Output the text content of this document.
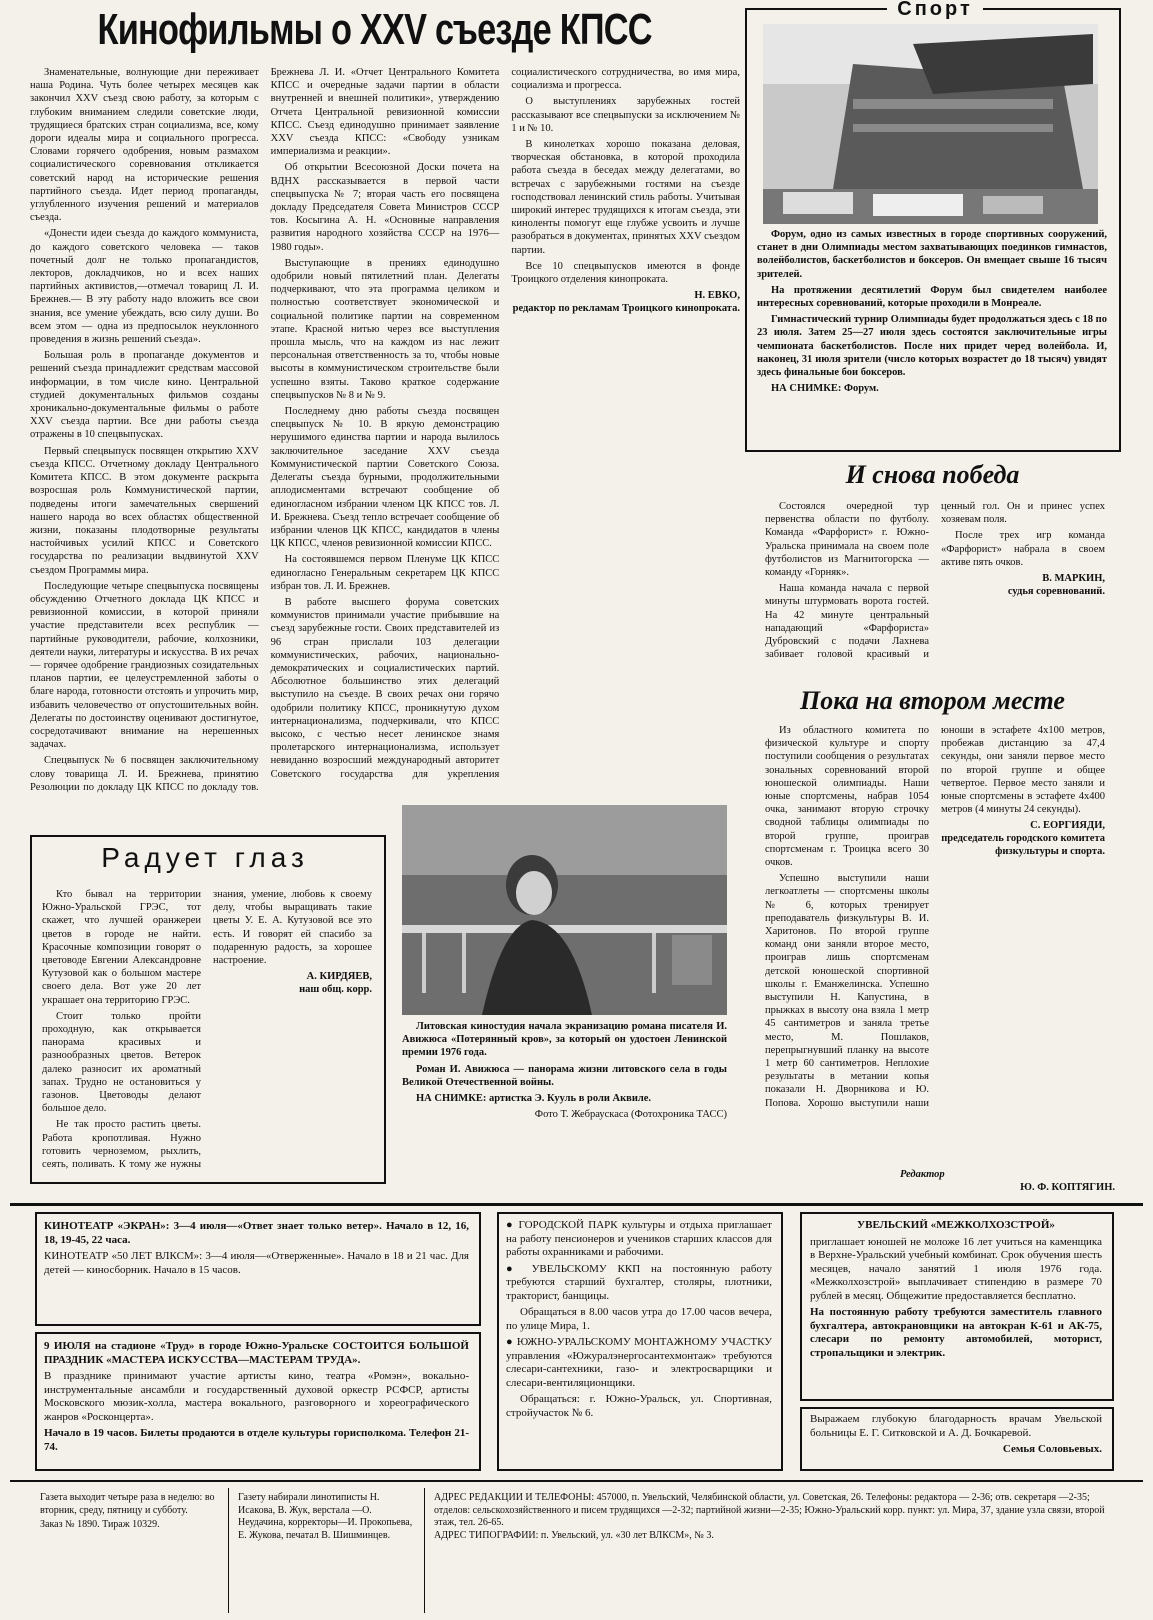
Кинофильмы о XXV съезде КПСС

Знаменательные, волнующие дни переживает наша Родина. Чуть более четырех месяцев как закончил XXV съезд свою работу, за которым с глубоким вниманием следили советские люди, трудящиеся братских стран социализма, все, кому дороги идеалы мира и социального прогресса. Словами горячего одобрения, новым размахом социалистического соревнования откликается советский народ на исторические решения партийного съезда. Идет период пропаганды, углубленного изучения решений и материалов съезда.

«Донести идеи съезда до каждого коммуниста, до каждого советского человека — таков почетный долг не только пропагандистов, лекторов, докладчиков, но и всех наших партийных активистов,—отмечал товарищ Л. И. Брежнев.— В эту работу надо вложить все свои знания, все умение убеждать, всю силу души. Во всем этом — одна из предпосылок неуклонного проведения в жизнь решений съезда».

Большая роль в пропаганде документов и решений съезда принадлежит средствам массовой информации, в том числе кино. Центральной студией документальных фильмов созданы хроникально-документальные фильмы о работе XXV съезда партии. Все дни работы съезда отражены в 10 спецвыпусках.

Первый спецвыпуск посвящен открытию XXV съезда КПСС. Отчетному докладу Центрального Комитета КПСС. В этом документе раскрыта возросшая роль Коммунистической партии, подведены итоги замечательных свершений нашего народа во всех областях общественной жизни, показаны плодотворные результаты настойчивых усилий КПСС и Советского государства по реализации выдвинутой XXV съездом Программы мира.

Последующие четыре спецвыпуска посвящены обсуждению Отчетного доклада ЦК КПСС и ревизионной комиссии, в которой приняли участие представители всех республик — партийные руководители, рабочие, колхозники, деятели науки, литературы и искусства. В их речах — горячее одобрение грандиозных созидательных планов партии, ее целеустремленной заботы о благе народа, готовности отстоять и упрочить мир, избавить человечество от опустошительных войн. Делегаты по достоинству оценивают достигнутое, сосредотачивают внимание на нерешенных задачах.

Спецвыпуск № 6 посвящен заключительному слову товарища Л. И. Брежнева, принятию Резолюции по докладу ЦК КПСС по докладу тов. Брежнева Л. И. «Отчет Центрального Комитета КПСС и очередные задачи партии в области внутренней и внешней политики», утверждению Отчета Центральной ревизионной комиссии КПСС. Съезд единодушно принимает заявление XXV съезда КПСС: «Свободу узникам империализма и реакции».

Об открытии Всесоюзной Доски почета на ВДНХ рассказывается в первой части спецвыпуска № 7; вторая часть его посвящена докладу Председателя Совета Министров СССР тов. Косыгина А. Н. «Основные направления развития народного хозяйства СССР на 1976—1980 годы».

Выступающие в прениях единодушно одобрили новый пятилетний план. Делегаты подчеркивают, что эта программа целиком и полностью соответствует экономической и социальной политике партии на современном этапе. Красной нитью через все выступления прошла мысль, что на каждом из нас лежит персональная ответственность за то, чтобы новые высоты в коммунистическом строительстве были успешно взяты. Таково краткое содержание спецвыпусков № 8 и № 9.

Последнему дню работы съезда посвящен спецвыпуск № 10. В яркую демонстрацию нерушимого единства партии и народа вылилось заключительное заседание XXV съезда Коммунистической партии Советского Союза. Делегаты съезда бурными, продолжительными аплодисментами встречают сообщение об единогласном избрании членом ЦК КПСС тов. Л. И. Брежнева. Съезд тепло встречает сообщение об избрании членов ЦК КПСС, кандидатов в члены ЦК КПСС, членов ревизионной комиссии КПСС.

На состоявшемся первом Пленуме ЦК КПСС единогласно Генеральным секретарем ЦК КПСС избран тов. Л. И. Брежнев.

В работе высшего форума советских коммунистов принимали участие прибывшие на съезд зарубежные гости. Своих представителей из 96 стран прислали 103 делегации коммунистических, рабочих, национально-демократических и социалистических партий. Абсолютное большинство этих делегаций выступило на съезде. В своих речах они горячо одобрили политику КПСС, проникнутую духом интернационализма, подчеркивали, что КПСС высоко, с честью несет ленинское знамя пролетарского интернационализма, использует невиданно возросший международный авторитет Советского государства для укрепления социалистического сотрудничества, во имя мира, социализма и прогресса.

О выступлениях зарубежных гостей рассказывают все спецвыпуски за исключением № 1 и № 10.

В кинолетках хорошо показана деловая, творческая обстановка, в которой проходила работа съезда в беседах между делегатами, во встречах с зарубежными гостями на съезде господствовал ленинский стиль работы. Учитывая широкий интерес трудящихся к итогам съезда, эти киноленты помогут еще глубже усвоить и лучше разобраться в документах, принятых XXV съездом партии.

Все 10 спецвыпусков имеются в фонде Троицкого отделения кинопроката.

Н. ЕВКО,
редактор по рекламам Троицкого кинопроката.
Спорт

Форум, одно из самых известных в городе спортивных сооружений, станет в дни Олимпиады местом захватывающих поединков гимнастов, волейболистов, баскетболистов и боксеров. Он вмещает свыше 16 тысяч зрителей.

На протяжении десятилетий Форум был свидетелем наиболее интересных соревнований, которые проходили в Монреале.

Гимнастический турнир Олимпиады будет продолжаться здесь с 18 по 23 июля. Затем 25—27 июля здесь состоятся заключительные игры чемпионата баскетболистов. После них придет черед волейбола. И, наконец, 31 июля зрители (число которых возрастет до 18 тысяч) увидят здесь финальные бои боксеров.

НА СНИМКЕ: Форум.

И снова победа

Состоялся очередной тур первенства области по футболу. Команда «Фарфорист» г. Южно-Уральска принимала на своем поле футболистов из Магнитогорска — команду «Горняк».

Наша команда начала с первой минуты штурмовать ворота гостей. На 42 минуте центральный нападающий «Фарфориста» Дубровский с подачи Лахнева забивает головой красивый и ценный гол. Он и принес успех хозяевам поля.

После трех игр команда «Фарфорист» набрала в своем активе пять очков.

В. МАРКИН,
судья соревнований.
Пока на втором месте

Из областного комитета по физической культуре и спорту поступили сообщения о результатах зональных соревнований второй юношеской олимпиады. Наши юные спортсмены, набрав 1054 очка, занимают вторую строчку сводной таблицы олимпиады по второй группе, проиграв спортсменам г. Троицка всего 30 очков.

Успешно выступили наши легкоатлеты — спортсмены школы № 6, которых тренирует преподаватель физкультуры В. И. Харитонов. По второй группе команд они заняли второе место, проиграв лишь спортсменам детской юношеской спортивной школы г. Еманжелинска. Успешно выступили Н. Капустина, в прыжках в высоту она взяла 1 метр 45 сантиметров и заняла третье место, М. Пошлаков, перепрыгнувший планку на высоте 1 метр 60 сантиметров. Неплохие результаты в метании копья показали Н. Дворникова и Ю. Попова. Хорошо выступили наши юноши в эстафете 4х100 метров, пробежав дистанцию за 47,4 секунды, они заняли первое место по второй группе и общее четвертое. Первое место заняли и юные спортсмены в эстафете 4х400 метров (4 минуты 24 секунды).

С. ЕОРГИЯДИ,
председатель городского комитета физкультуры и спорта.
Редактор
Ю. Ф. КОПТЯГИН.
Радует глаз

Кто бывал на территории Южно-Уральской ГРЭС, тот скажет, что лучшей оранжереи цветов в городе не найти. Красочные композиции говорят о цветоводе Евгении Александровне Кутузовой как о большом мастере своего дела. Вот уже 20 лет украшает она территорию ГРЭС.

Стоит только пройти проходную, как открывается панорама красивых и разнообразных цветов. Ветерок далеко разносит их ароматный запах. Трудно не остановиться у газонов. Цветоводы делают большое дело.

Не так просто растить цветы. Работа кропотливая. Нужно готовить черноземом, рыхлить, сеять, поливать. К тому же нужны знания, умение, любовь к своему делу, чтобы выращивать такие цветы У. Е. А. Кутузовой все это есть. И говорят ей спасибо за подаренную радость, за хорошее настроение.

А. КИРДЯЕВ,
наш общ. корр.

Литовская киностудия начала экранизацию романа писателя И. Авижюса «Потерянный кров», за который он удостоен Ленинской премии 1976 года.

Роман И. Авижюса — панорама жизни литовского села в годы Великой Отечественной войны.

НА СНИМКЕ: артистка Э. Кууль в роли Аквиле.

Фото Т. Жебраускаса (Фотохроника ТАСС)

КИНОТЕАТР «ЭКРАН»: 3—4 июля—«Ответ знает только ветер». Начало в 12, 16, 18, 19-45, 22 часа.

КИНОТЕАТР «50 ЛЕТ ВЛКСМ»: 3—4 июля—«Отверженные». Начало в 18 и 21 час. Для детей — киносборник. Начало в 15 часов.

9 ИЮЛЯ на стадионе «Труд» в городе Южно-Уральске СОСТОИТСЯ БОЛЬШОЙ ПРАЗДНИК «МАСТЕРА ИСКУССТВА—МАСТЕРАМ ТРУДА».

В празднике принимают участие артисты кино, театра «Ромэн», вокально-инструментальные ансамбли и государственный духовой оркестр РСФСР, артисты Московского мюзик-холла, мастера вокального, разговорного и хореографического жанров «Росконцерта».

Начало в 19 часов. Билеты продаются в отделе культуры горисполкома. Телефон 21-74.

● ГОРОДСКОЙ ПАРК культуры и отдыха приглашает на работу пенсионеров и учеников старших классов для работы охранниками и рабочими.

● УВЕЛЬСКОМУ ККП на постоянную работу требуются старший бухгалтер, столяры, плотники, тракторист, банщицы.

Обращаться в 8.00 часов утра до 17.00 часов вечера, по улице Мира, 1.

● ЮЖНО-УРАЛЬСКОМУ МОНТАЖНОМУ УЧАСТКУ управления «Южуралэнергосантехмонтаж» требуются слесари-сантехники, газо- и электросварщики и слесари-вентиляционщики.

Обращаться: г. Южно-Уральск, ул. Спортивная, стройучасток № 6.

УВЕЛЬСКИЙ «МЕЖКОЛХОЗСТРОЙ»

приглашает юношей не моложе 16 лет учиться на каменщика в Верхне-Уральский учебный комбинат. Срок обучения шесть месяцев, начало занятий 1 июля 1976 года. «Межколхозстрой» выплачивает стипендию в размере 70 рублей в месяц. Общежитие предоставляется бесплатно.

На постоянную работу требуются заместитель главного бухгалтера, автокрановщики на автокран К-61 и АК-75, слесари по ремонту автомобилей, моторист, стропальщики и электрик.

Выражаем глубокую благодарность врачам Увельской больницы Е. Г. Ситковской и А. Д. Бочкаревой.

Семья Соловьевых.

Газета выходит четыре раза в неделю: во вторник, среду, пятницу и субботу.
Заказ № 1890. Тираж 10329.
Газету набирали линотиписты Н. Исакова, В. Жук, верстала —О. Неудачина, корректоры—И. Прокопьева, Е. Жукова, печатал В. Шишминцев.
АДРЕС РЕДАКЦИИ И ТЕЛЕФОНЫ: 457000, п. Увельский, Челябинской области, ул. Советская, 26. Телефоны: редактора — 2-36; отв. секретаря —2-35; отделов: сельскохозяйственного и писем трудящихся —2-32; партийной жизни—2-35; Южно-Уральский корр. пункт: ул. Мира, 37, здание узла связи, второй этаж, тел. 26-65.
АДРЕС ТИПОГРАФИИ: п. Увельский, ул. «30 лет ВЛКСМ», № 3.
